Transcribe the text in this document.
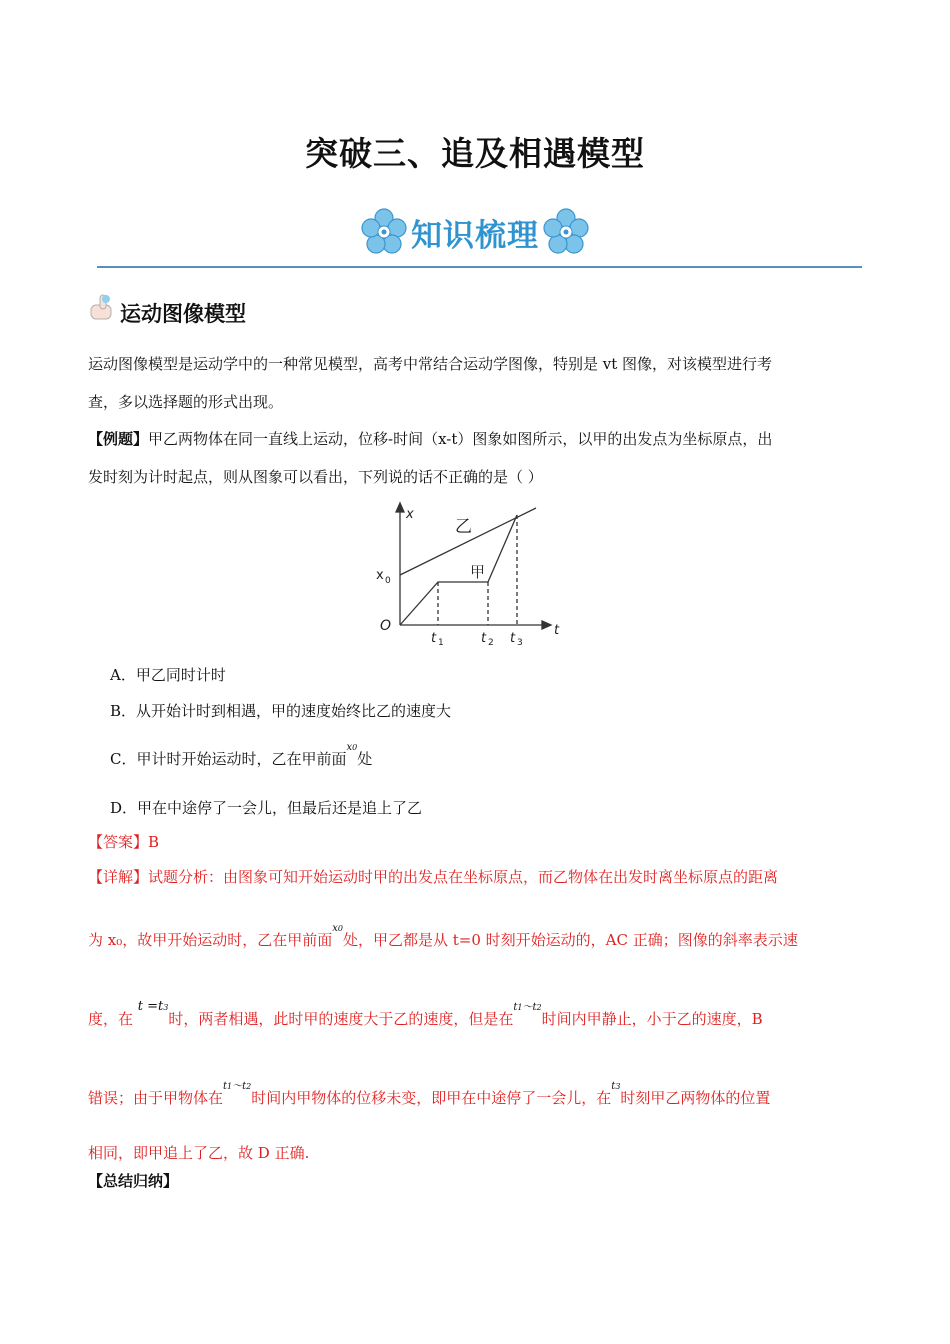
突破三、追及相遇模型
知识梳理
运动图像模型
运动图像模型是运动学中的一种常见模型，高考中常结合运动学图像，特别是 vt 图像，对该模型进行考
查，多以选择题的形式出现。
【例题】甲乙两物体在同一直线上运动，位移-时间（x-t）图象如图所示，以甲的出发点为坐标原点，出
发时刻为计时起点，则从图象可以看出，下列说的话不正确的是（ ）
x
t
O
x 0
乙
甲
t 1	t 2 t 3
A．甲乙同时计时
B．从开始计时到相遇，甲的速度始终比乙的速度大
C．甲计时开始运动时，乙在甲前面$^{x0}$处
D．甲在中途停了一会儿，但最后还是追上了乙
【答案】B
【详解】试题分析：由图象可知开始运动时甲的出发点在坐标原点，而乙物体在出发时离坐标原点的距离
为 x₀，故甲开始运动时，乙在甲前面$^{x0}$处，甲乙都是从 t=0 时刻开始运动的，AC 正确；图像的斜率表示速
度，在 t =t3时，两者相遇，此时甲的速度大于乙的速度，但是在$^{t1\sim t2}$时间内甲静止，小于乙的速度，B
错误；由于甲物体在$^{t1\sim t2}$时间内甲物体的位移未变，即甲在中途停了一会儿，在$^{t3}$时刻甲乙两物体的位置
相同，即甲追上了乙，故 D 正确.
【总结归纳】
